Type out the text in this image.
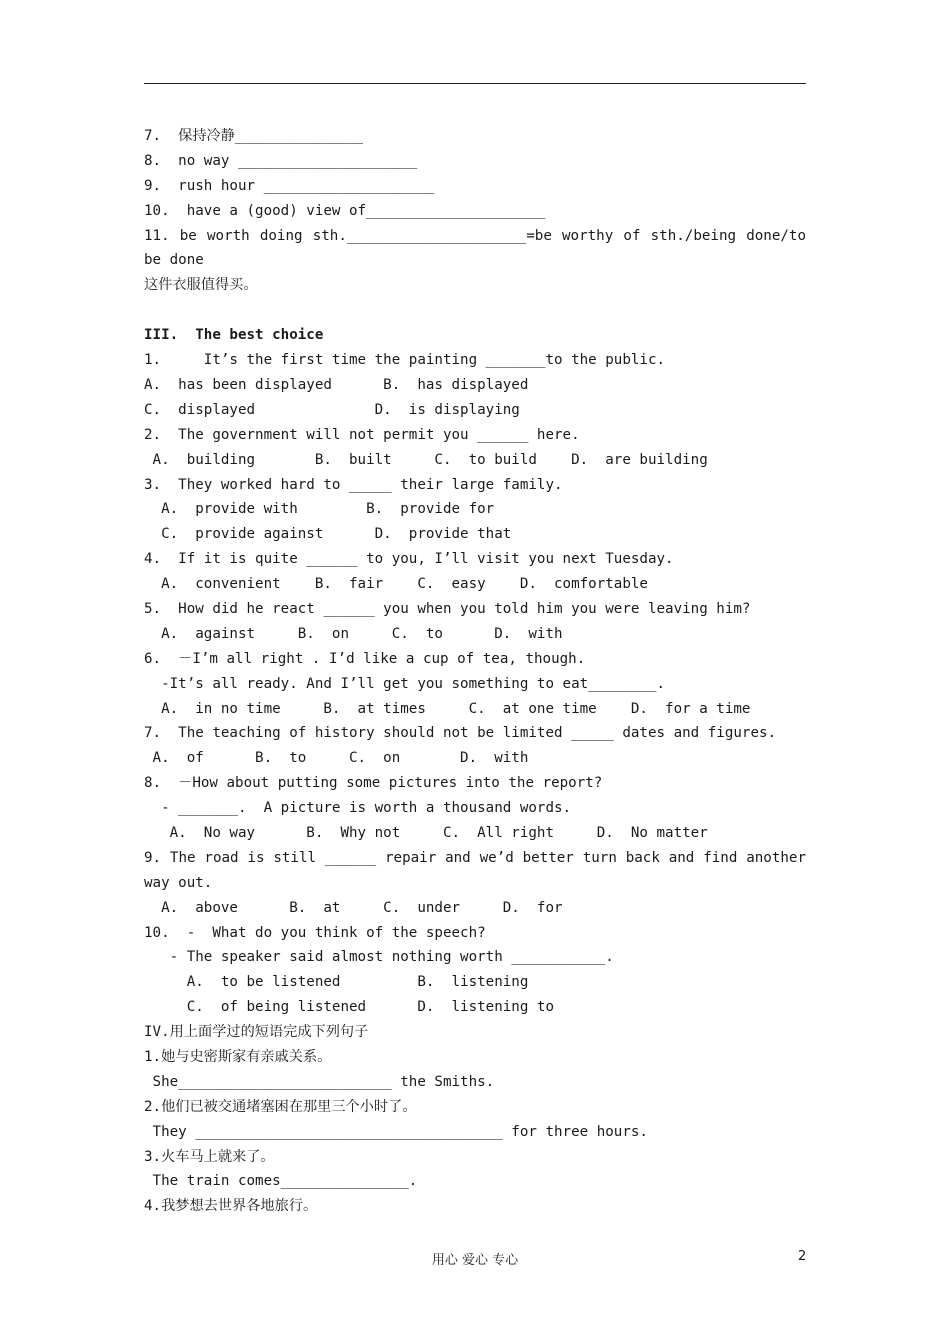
7.  保持冷静_______________
8.  no way _____________________
9.  rush hour ____________________
10.  have a (good) view of_____________________
11. be worth doing sth._____________________=be worthy of sth./being done/to be done
这件衣服值得买。
III.  The best choice
1.     It’s the first time the painting _______to the public.
A.  has been displayed      B.  has displayed
C.  displayed              D.  is displaying
2.  The government will not permit you ______ here.
A.  building       B.  built     C.  to build    D.  are building
3.  They worked hard to _____ their large family.
A.  provide with        B.  provide for
C.  provide against      D.  provide that
4.  If it is quite ______ to you, I’ll visit you next Tuesday.
A.  convenient    B.  fair    C.  easy    D.  comfortable
5.  How did he react ______ you when you told him you were leaving him?
A.  against     B.  on     C.  to      D.  with
6.  －I’m all right . I’d like a cup of tea, though.
-It’s all ready. And I’ll get you something to eat________.
A.  in no time     B.  at times     C.  at one time    D.  for a time
7.  The teaching of history should not be limited _____ dates and figures.
A.  of      B.  to     C.  on       D.  with
8.  －How about putting some pictures into the report?
- _______.  A picture is worth a thousand words.
A.  No way      B.  Why not     C.  All right     D.  No matter
9. The road is still ______ repair and we’d better turn back and find another way out.
A.  above      B.  at     C.  under     D.  for
10.  -  What do you think of the speech?
- The speaker said almost nothing worth ___________.
A.  to be listened         B.  listening
C.  of being listened      D.  listening to
IV.用上面学过的短语完成下列句子
1.她与史密斯家有亲戚关系。
She_________________________ the Smiths.
2.他们已被交通堵塞困在那里三个小时了。
They ____________________________________ for three hours.
3.火车马上就来了。
The train comes_______________.
4.我梦想去世界各地旅行。
用心 爱心 专心	2
